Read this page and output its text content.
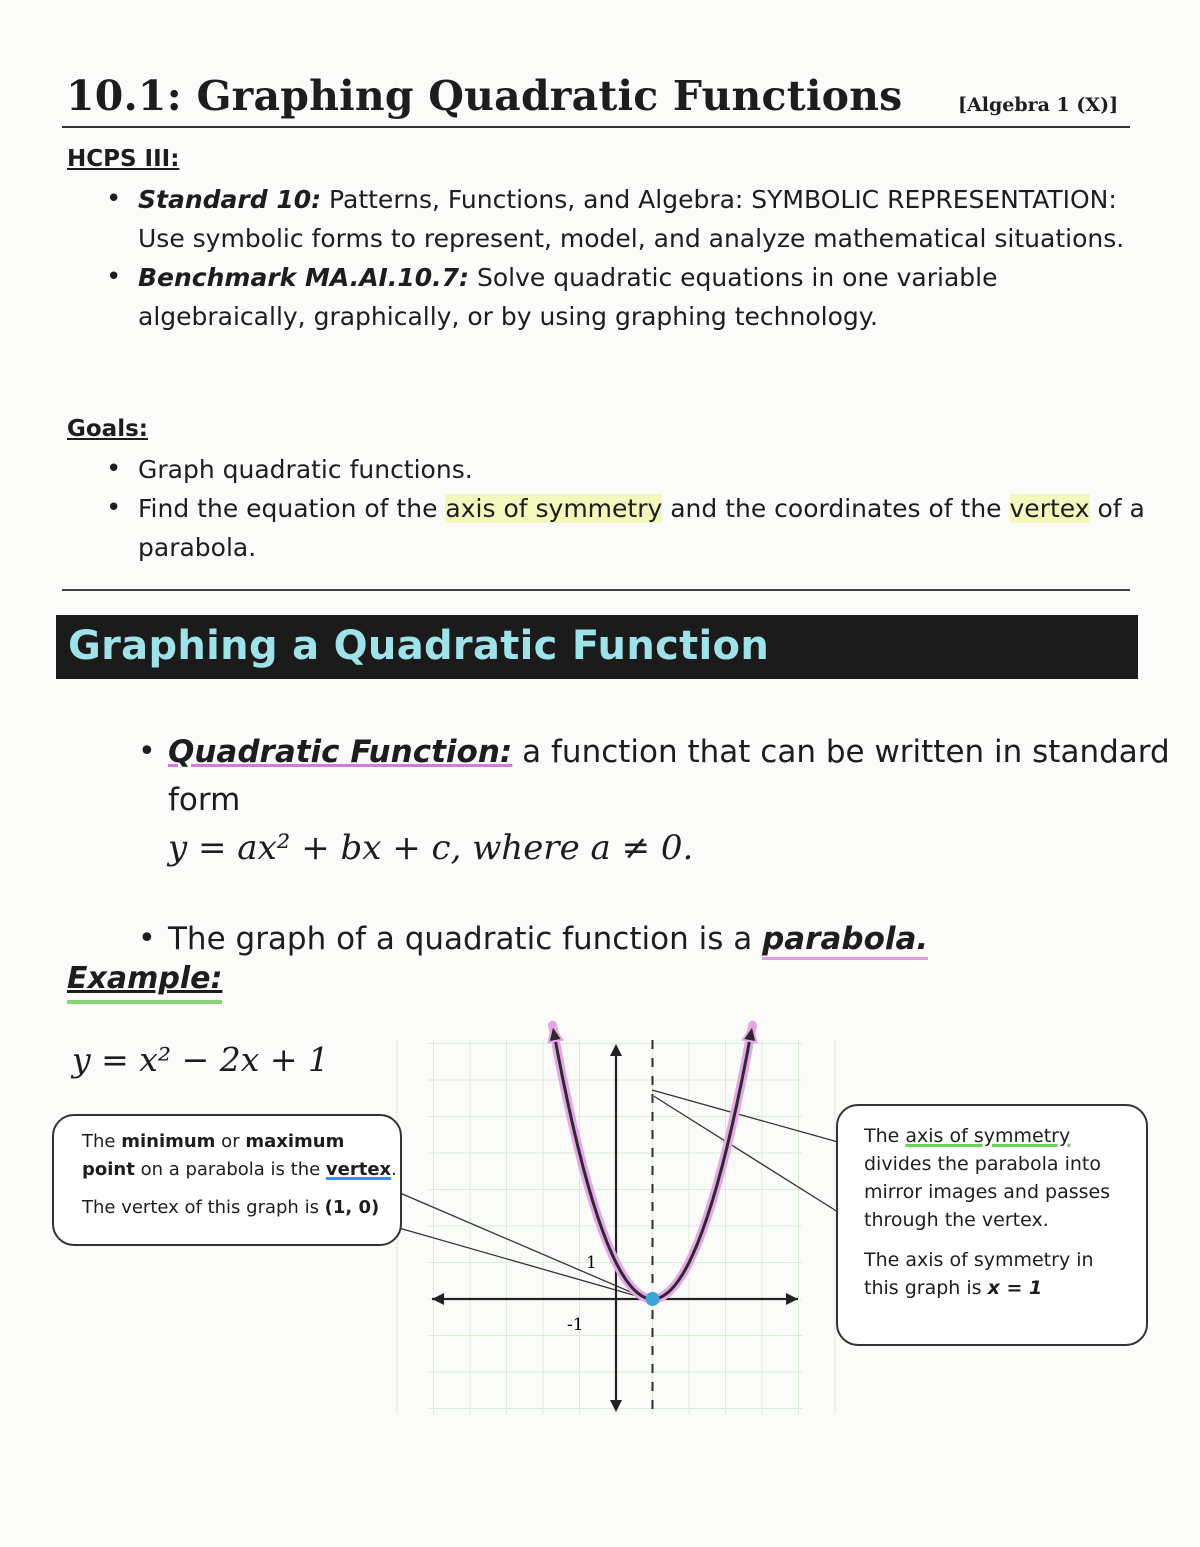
10.1: Graphing Quadratic Functions	[Algebra 1 (X)]
HCPS III:
• Standard 10: Patterns, Functions, and Algebra: SYMBOLIC REPRESENTATION: Use symbolic forms to represent, model, and analyze mathematical situations.
• Benchmark MA.AI.10.7: Solve quadratic equations in one variable algebraically, graphically, or by using graphing technology.
Goals:
• Graph quadratic functions.
• Find the equation of the axis of symmetry and the coordinates of the vertex of a parabola.
Graphing a Quadratic Function
• Quadratic Function: a function that can be written in standard form
y = ax² + bx + c, where a ≠ 0.
• The graph of a quadratic function is a parabola.
Example:
y = x² − 2x + 1
1
-1

The minimum or maximum
point on a parabola is the vertex.

The vertex of this graph is (1, 0)

The axis of symmetry divides the parabola into mirror images and passes through the vertex.

The axis of symmetry in this graph is x = 1
